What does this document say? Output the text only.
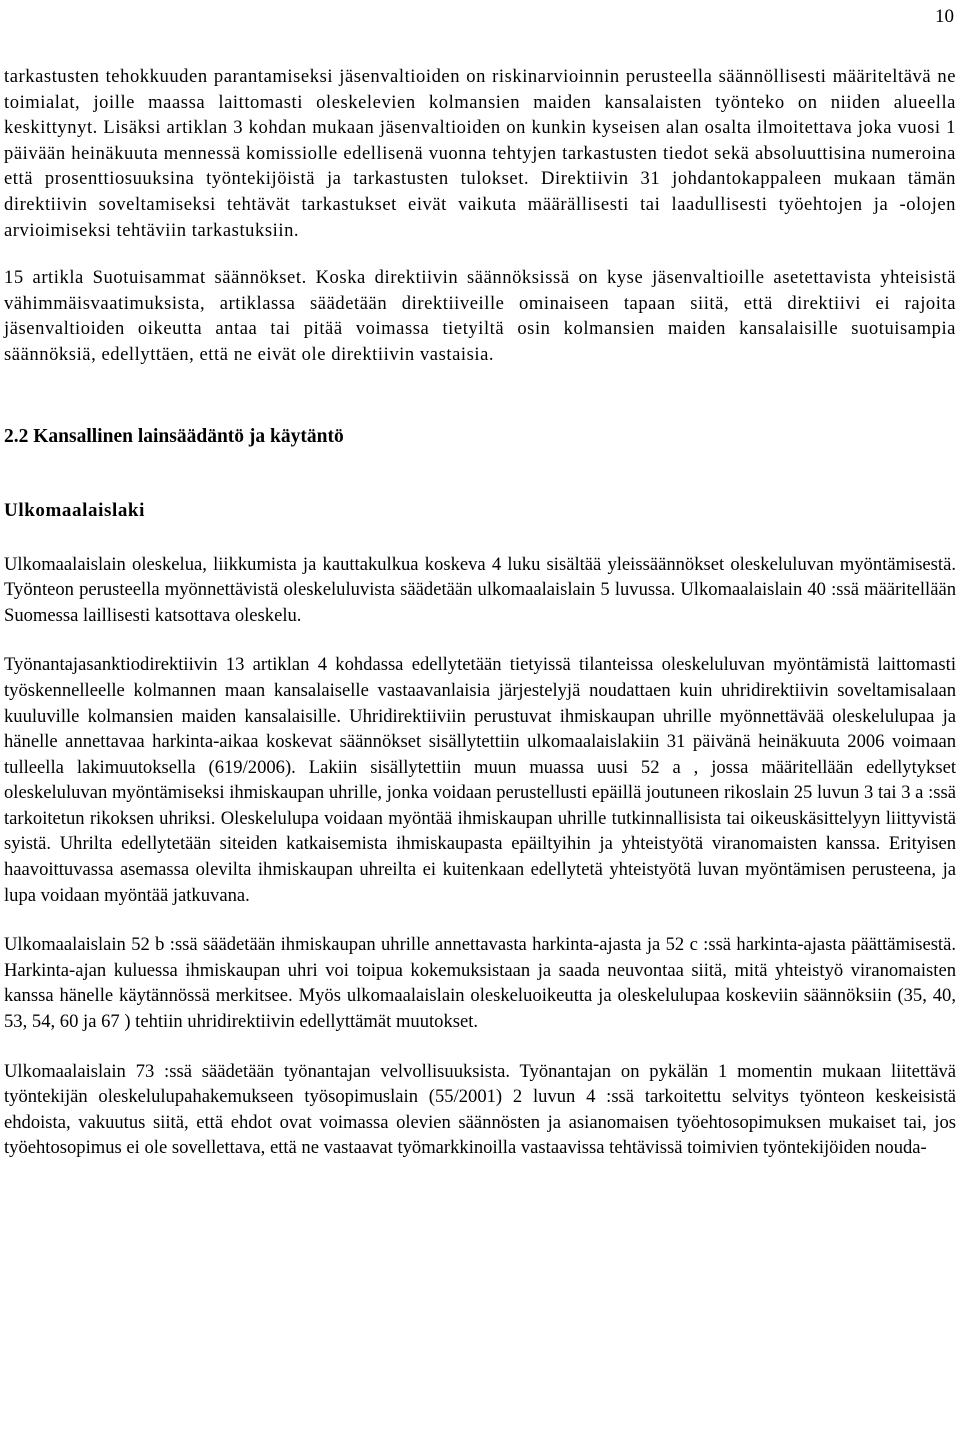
10

tarkastusten tehokkuuden parantamiseksi jäsenvaltioiden on riskinarvioinnin perusteella säännöllisesti määriteltävä ne toimialat, joille maassa laittomasti oleskelevien kolmansien maiden kansalaisten työnteko on niiden alueella keskittynyt. Lisäksi artiklan 3 kohdan mukaan jäsenvaltioiden on kunkin kyseisen alan osalta ilmoitettava joka vuosi 1 päivään heinäkuuta mennessä komissiolle edellisenä vuonna tehtyjen tarkastusten tiedot sekä absoluuttisina numeroina että prosenttiosuuksina työntekijöistä ja tarkastusten tulokset. Direktiivin 31 johdantokappaleen mukaan tämän direktiivin soveltamiseksi tehtävät tarkastukset eivät vaikuta määrällisesti tai laadullisesti työehtojen ja -olojen arvioimiseksi tehtäviin tarkastuksiin.

15 artikla Suotuisammat säännökset. Koska direktiivin säännöksissä on kyse jäsenvaltioille asetettavista yhteisistä vähimmäisvaatimuksista, artiklassa säädetään direktiiveille ominaiseen tapaan siitä, että direktiivi ei rajoita jäsenvaltioiden oikeutta antaa tai pitää voimassa tietyiltä osin kolmansien maiden kansalaisille suotuisampia säännöksiä, edellyttäen, että ne eivät ole direktiivin vastaisia.

2.2 Kansallinen lainsäädäntö ja käytäntö
Ulkomaalaislaki

Ulkomaalaislain oleskelua, liikkumista ja kauttakulkua koskeva 4 luku sisältää yleissäännökset oleskeluluvan myöntämisestä. Työnteon perusteella myönnettävistä oleskeluluvista säädetään ulkomaalaislain 5 luvussa. Ulkomaalaislain 40 :ssä määritellään Suomessa laillisesti katsottava oleskelu.

Työnantajasanktiodirektiivin 13 artiklan 4 kohdassa edellytetään tietyissä tilanteissa oleskeluluvan myöntämistä laittomasti työskennelleelle kolmannen maan kansalaiselle vastaavanlaisia järjestelyjä noudattaen kuin uhridirektiivin soveltamisalaan kuuluville kolmansien maiden kansalaisille. Uhridirektiiviin perustuvat ihmiskaupan uhrille myönnettävää oleskelulupaa ja hänelle annettavaa harkinta-aikaa koskevat säännökset sisällytettiin ulkomaalaislakiin 31 päivänä heinäkuuta 2006 voimaan tulleella lakimuutoksella (619/2006). Lakiin sisällytettiin muun muassa uusi 52 a , jossa määritellään edellytykset oleskeluluvan myöntämiseksi ihmiskaupan uhrille, jonka voidaan perustellusti epäillä joutuneen rikoslain 25 luvun 3 tai 3 a :ssä tarkoitetun rikoksen uhriksi. Oleskelulupa voidaan myöntää ihmiskaupan uhrille tutkinnallisista tai oikeuskäsittelyyn liittyvistä syistä. Uhrilta edellytetään siteiden katkaisemista ihmiskaupasta epäiltyihin ja yhteistyötä viranomaisten kanssa. Erityisen haavoittuvassa asemassa olevilta ihmiskaupan uhreilta ei kuitenkaan edellytetä yhteistyötä luvan myöntämisen perusteena, ja lupa voidaan myöntää jatkuvana.

Ulkomaalaislain 52 b :ssä säädetään ihmiskaupan uhrille annettavasta harkinta-ajasta ja 52 c :ssä harkinta-ajasta päättämisestä. Harkinta-ajan kuluessa ihmiskaupan uhri voi toipua kokemuksistaan ja saada neuvontaa siitä, mitä yhteistyö viranomaisten kanssa hänelle käytännössä merkitsee. Myös ulkomaalaislain oleskeluoikeutta ja oleskelulupaa koskeviin säännöksiin (35, 40, 53, 54, 60 ja 67 ) tehtiin uhridirektiivin edellyttämät muutokset.

Ulkomaalaislain 73 :ssä säädetään työnantajan velvollisuuksista. Työnantajan on pykälän 1 momentin mukaan liitettävä työntekijän oleskelulupahakemukseen työsopimuslain (55/2001) 2 luvun 4 :ssä tarkoitettu selvitys työnteon keskeisistä ehdoista, vakuutus siitä, että ehdot ovat voimassa olevien säännösten ja asianomaisen työehtosopimuksen mukaiset tai, jos työehtosopimus ei ole sovellettava, että ne vastaavat työmarkkinoilla vastaavissa tehtävissä toimivien työntekijöiden nouda-
